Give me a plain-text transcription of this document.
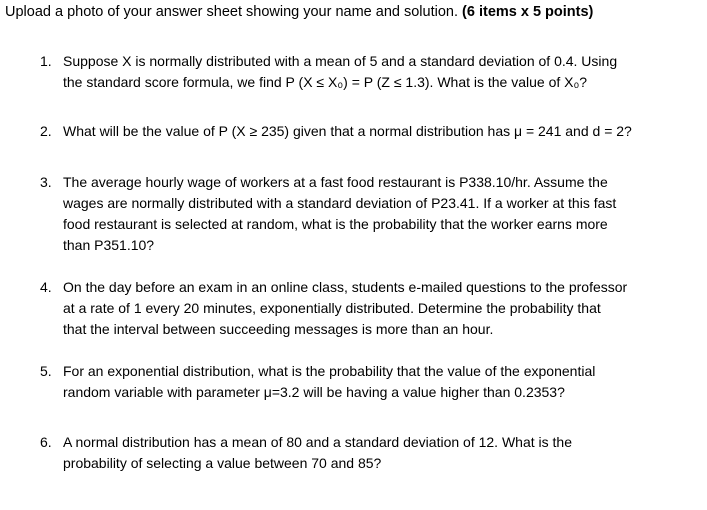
Upload a photo of your answer sheet showing your name and solution. (6 items x 5 points)
1. Suppose X is normally distributed with a mean of 5 and a standard deviation of 0.4. Using
the standard score formula, we find P (X ≤ X₀) = P (Z ≤ 1.3). What is the value of X₀?
2. What will be the value of P (X ≥ 235) given that a normal distribution has μ = 241 and d = 2?
3. The average hourly wage of workers at a fast food restaurant is P338.10/hr. Assume the
wages are normally distributed with a standard deviation of P23.41. If a worker at this fast
food restaurant is selected at random, what is the probability that the worker earns more
than P351.10?
4. On the day before an exam in an online class, students e-mailed questions to the professor
at a rate of 1 every 20 minutes, exponentially distributed. Determine the probability that
that the interval between succeeding messages is more than an hour.
5. For an exponential distribution, what is the probability that the value of the exponential
random variable with parameter μ=3.2 will be having a value higher than 0.2353?
6. A normal distribution has a mean of 80 and a standard deviation of 12. What is the
probability of selecting a value between 70 and 85?
